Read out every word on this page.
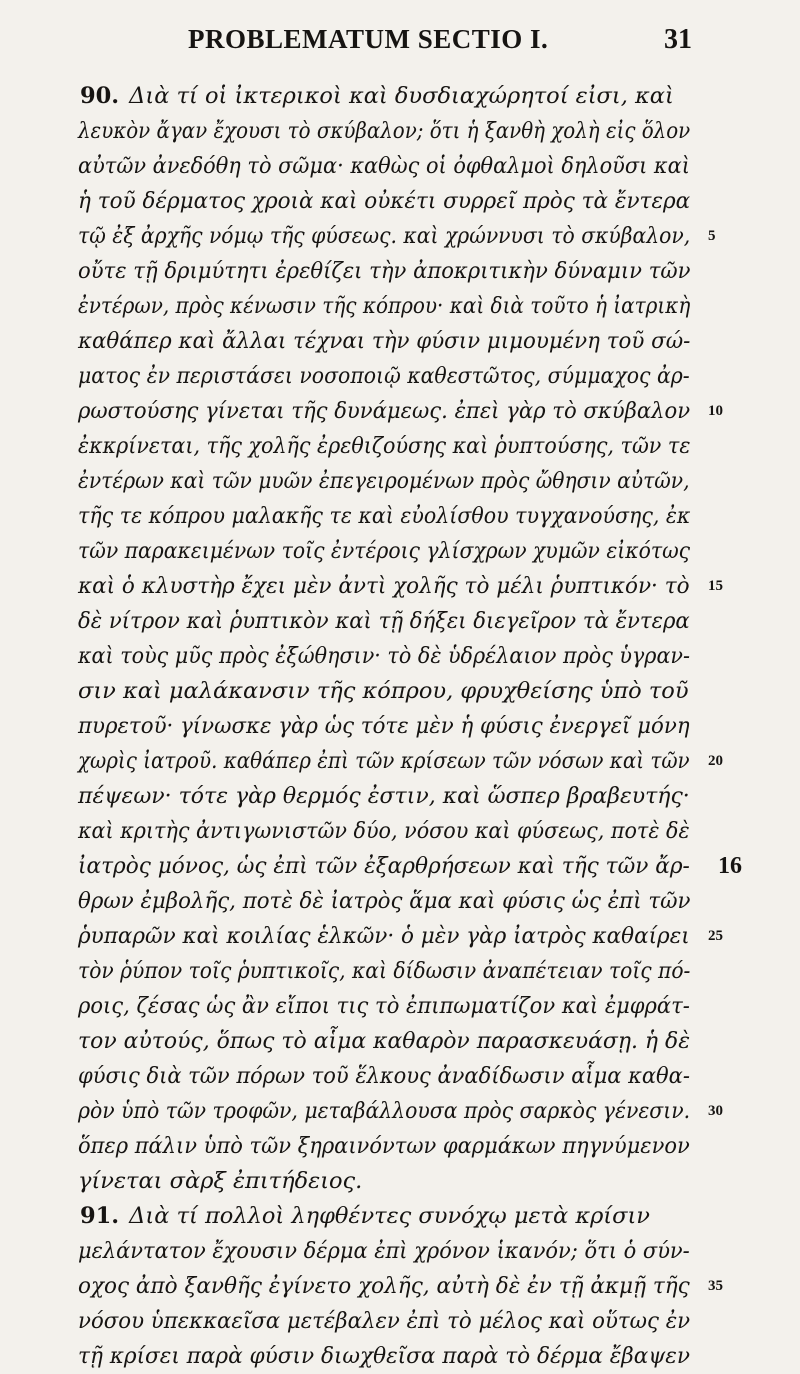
PROBLEMATUM SECTIO I.	31
90. Διὰ τί οἱ ἰκτερικοὶ καὶ δυσδιαχώρητοί εἰσι, καὶ
λευκὸν ἄγαν ἔχουσι τὸ σκύβαλον; ὅτι ἡ ξανθὴ χολὴ εἰς ὅλον
αὐτῶν ἀνεδόθη τὸ σῶμα· καθὼς οἱ ὀφθαλμοὶ δηλοῦσι καὶ
ἡ τοῦ δέρματος χροιὰ καὶ οὐκέτι συρρεῖ πρὸς τὰ ἔντερα
τῷ ἐξ ἀρχῆς νόμῳ τῆς φύσεως. καὶ χρώννυσι τὸ σκύβαλον,
οὔτε τῇ δριμύτητι ἐρεθίζει τὴν ἀποκριτικὴν δύναμιν τῶν
ἐντέρων, πρὸς κένωσιν τῆς κόπρου· καὶ διὰ τοῦτο ἡ ἰατρικὴ
καθάπερ καὶ ἄλλαι τέχναι τὴν φύσιν μιμουμένη τοῦ σώ-
ματος ἐν περιστάσει νοσοποιῷ καθεστῶτος, σύμμαχος ἀρ-
ρωστούσης γίνεται τῆς δυνάμεως. ἐπεὶ γὰρ τὸ σκύβαλον
ἐκκρίνεται, τῆς χολῆς ἐρεθιζούσης καὶ ῥυπτούσης, τῶν τε
ἐντέρων καὶ τῶν μυῶν ἐπεγειρομένων πρὸς ὤθησιν αὐτῶν,
τῆς τε κόπρου μαλακῆς τε καὶ εὐολίσθου τυγχανούσης, ἐκ
τῶν παρακειμένων τοῖς ἐντέροις γλίσχρων χυμῶν εἰκότως
καὶ ὁ κλυστὴρ ἔχει μὲν ἀντὶ χολῆς τὸ μέλι ῥυπτικόν· τὸ
δὲ νίτρον καὶ ῥυπτικὸν καὶ τῇ δήξει διεγεῖρον τὰ ἔντερα
καὶ τοὺς μῦς πρὸς ἐξώθησιν· τὸ δὲ ὑδρέλαιον πρὸς ὑγραν-
σιν καὶ μαλάκανσιν τῆς κόπρου, φρυχθείσης ὑπὸ τοῦ
πυρετοῦ· γίνωσκε γὰρ ὡς τότε μὲν ἡ φύσις ἐνεργεῖ μόνη
χωρὶς ἰατροῦ. καθάπερ ἐπὶ τῶν κρίσεων τῶν νόσων καὶ τῶν
πέψεων· τότε γὰρ θερμός ἐστιν, καὶ ὥσπερ βραβευτής·
καὶ κριτὴς ἀντιγωνιστῶν δύο, νόσου καὶ φύσεως, ποτὲ δὲ
ἰατρὸς μόνος, ὡς ἐπὶ τῶν ἐξαρθρήσεων καὶ τῆς τῶν ἄρ-
θρων ἐμβολῆς, ποτὲ δὲ ἰατρὸς ἅμα καὶ φύσις ὡς ἐπὶ τῶν
ῥυπαρῶν καὶ κοιλίας ἑλκῶν· ὁ μὲν γὰρ ἰατρὸς καθαίρει
τὸν ῥύπον τοῖς ῥυπτικοῖς, καὶ δίδωσιν ἀναπέτειαν τοῖς πό-
ροις, ζέσας ὡς ἂν εἴποι τις τὸ ἐπιπωματίζον καὶ ἐμφράτ-
τον αὐτούς, ὅπως τὸ αἷμα καθαρὸν παρασκευάσῃ. ἡ δὲ
φύσις διὰ τῶν πόρων τοῦ ἕλκους ἀναδίδωσιν αἷμα καθα-
ρὸν ὑπὸ τῶν τροφῶν, μεταβάλλουσα πρὸς σαρκὸς γένεσιν.
ὅπερ πάλιν ὑπὸ τῶν ξηραινόντων φαρμάκων πηγνύμενον
γίνεται σὰρξ ἐπιτήδειος.
91. Διὰ τί πολλοὶ ληφθέντες συνόχῳ μετὰ κρίσιν
μελάντατον ἔχουσιν δέρμα ἐπὶ χρόνον ἱκανόν; ὅτι ὁ σύν-
οχος ἀπὸ ξανθῆς ἐγίνετο χολῆς, αὐτὴ δὲ ἐν τῇ ἀκμῇ τῆς
νόσου ὑπεκκαεῖσα μετέβαλεν ἐπὶ τὸ μέλος καὶ οὕτως ἐν
τῇ κρίσει παρὰ φύσιν διωχθεῖσα παρὰ τὸ δέρμα ἔβαψεν
5
10
15
20
16
25
30
35
